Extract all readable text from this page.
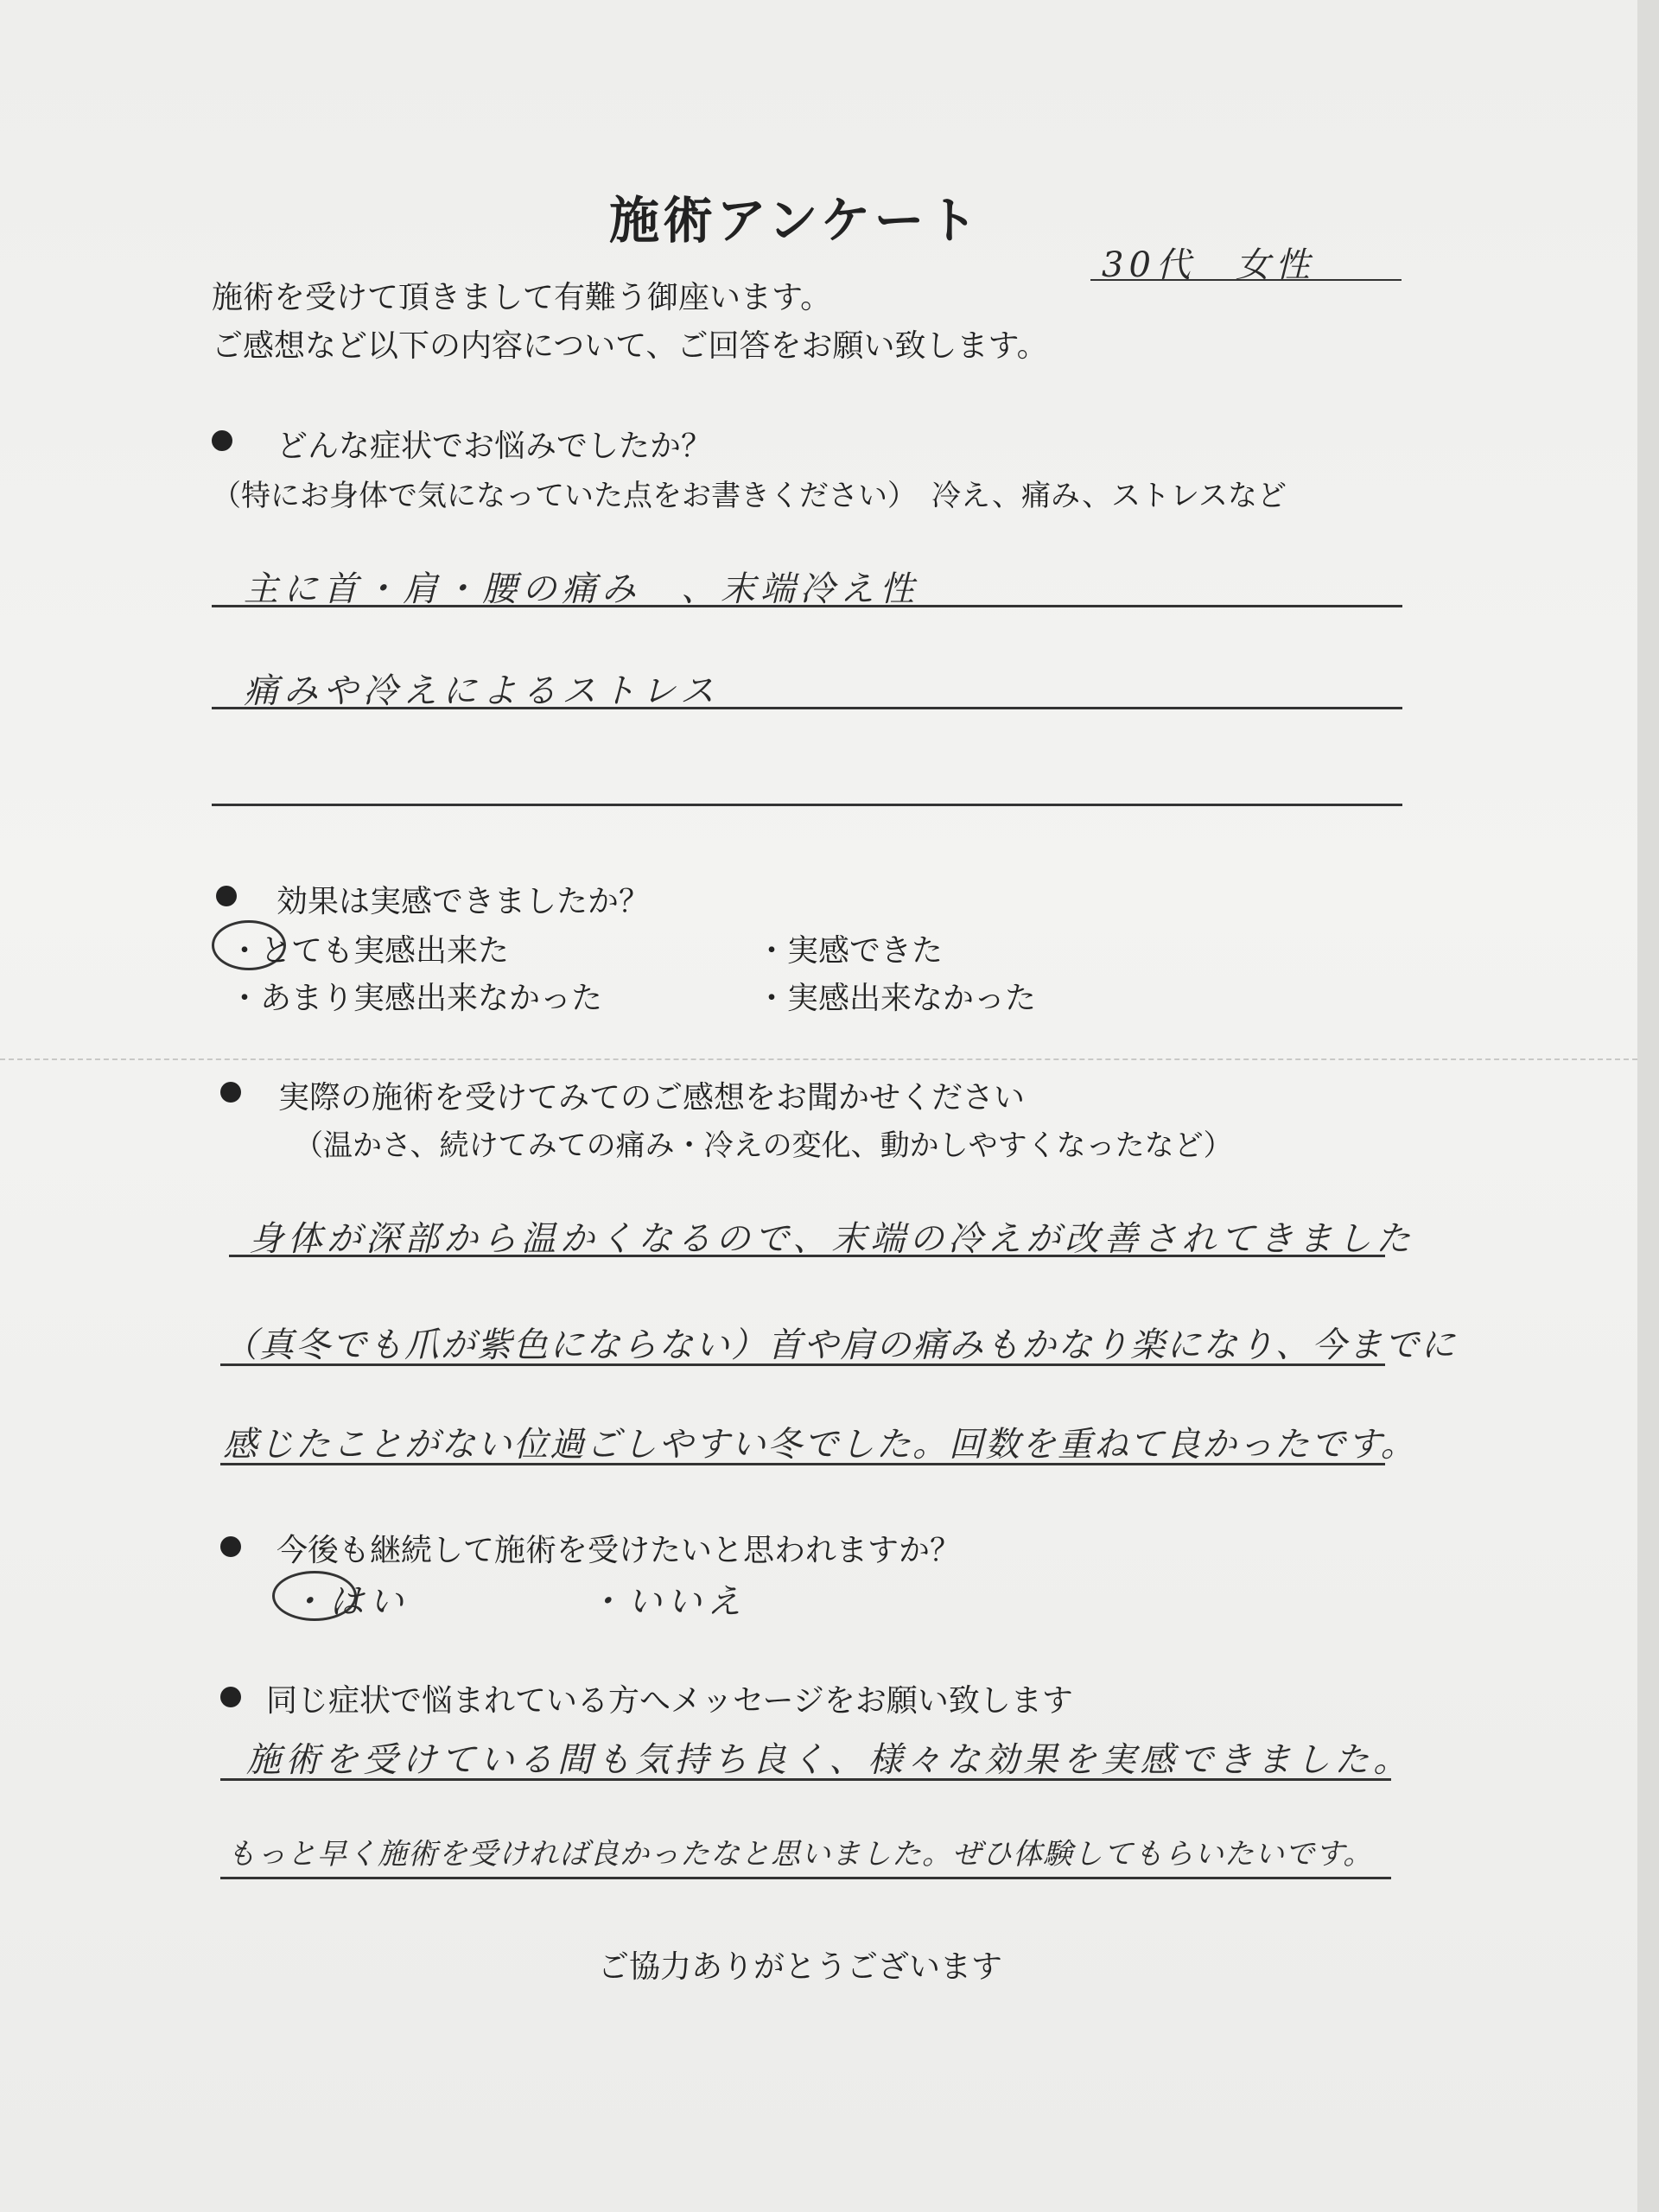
施術アンケート
30代　女性
施術を受けて頂きまして有難う御座います。
ご感想など以下の内容について、ご回答をお願い致します。
どんな症状でお悩みでしたか？
（特にお身体で気になっていた点をお書きください）　冷え、痛み、ストレスなど
主に首・肩・腰の痛み　、末端冷え性
痛みや冷えによるストレス
効果は実感できましたか？
・とても実感出来た	・実感できた
・あまり実感出来なかった	・実感出来なかった
実際の施術を受けてみてのご感想をお聞かせください
（温かさ、続けてみての痛み・冷えの変化、動かしやすくなったなど）
身体が深部から温かくなるので、末端の冷えが改善されてきました
（真冬でも爪が紫色にならない）首や肩の痛みもかなり楽になり、今までに
感じたことがない位過ごしやすい冬でした。回数を重ねて良かったです。
今後も継続して施術を受けたいと思われますか？
・はい	・いいえ
同じ症状で悩まれている方へメッセージをお願い致します
施術を受けている間も気持ち良く、様々な効果を実感できました。
もっと早く施術を受ければ良かったなと思いました。ぜひ体験してもらいたいです。
ご協力ありがとうございます
